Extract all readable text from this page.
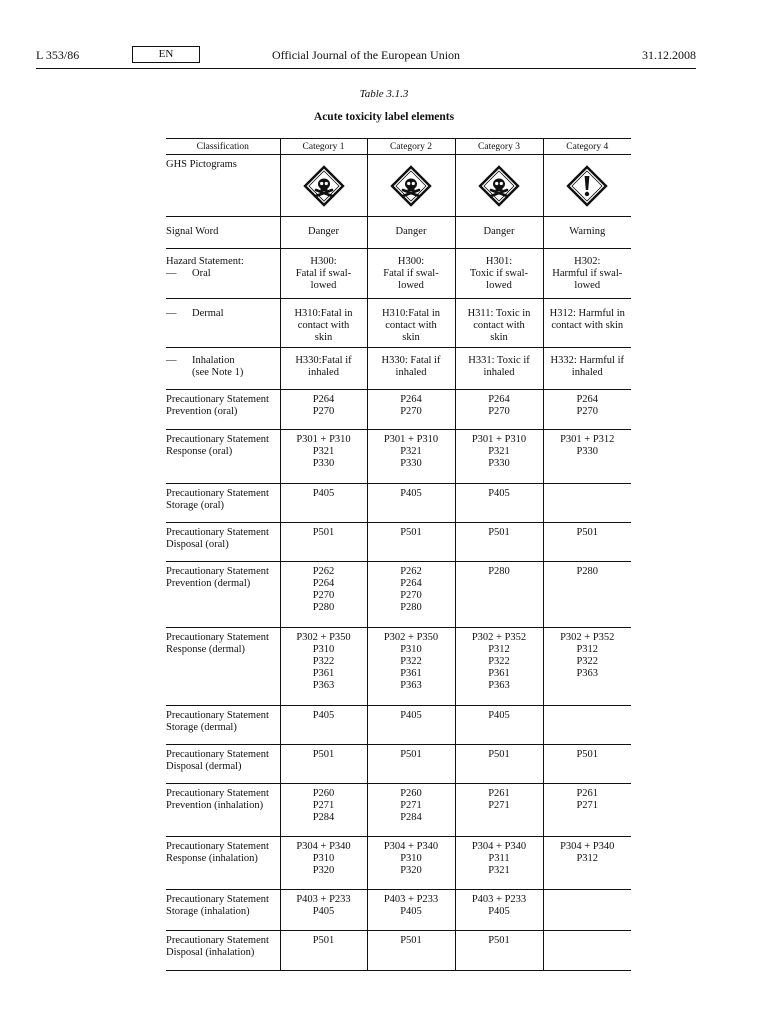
L 353/86	EN	Official Journal of the European Union	31.12.2008
Table 3.1.3
Acute toxicity label elements
Classification	Category 1	Category 2	Category 3	Category 4
GHS Pictograms	

Signal Word	Danger	Danger	Danger	Warning

Hazard Statement:
— Oral	H300:
Fatal if swal-
lowed	H300:
Fatal if swal-
lowed	H301:
Toxic if swal-
lowed	H302:
Harmful if swal-
lowed

— Dermal	H310:Fatal in
contact with
skin	H310:Fatal in
contact with
skin	H311: Toxic in
contact with
skin	H312: Harmful in
contact with skin

— Inhalation
(see Note 1)	H330:Fatal if
inhaled	H330: Fatal if
inhaled	H331: Toxic if
inhaled	H332: Harmful if
inhaled

Precautionary Statement
Prevention (oral)	P264
P270	P264
P270	P264
P270	P264
P270

Precautionary Statement
Response (oral)	P301 + P310
P321
P330	P301 + P310
P321
P330	P301 + P310
P321
P330	P301 + P312
P330

Precautionary Statement
Storage (oral)	P405	P405	P405	

Precautionary Statement
Disposal (oral)	P501	P501	P501	P501

Precautionary Statement
Prevention (dermal)	P262
P264
P270
P280	P262
P264
P270
P280	P280	P280

Precautionary Statement
Response (dermal)	P302 + P350
P310
P322
P361
P363	P302 + P350
P310
P322
P361
P363	P302 + P352
P312
P322
P361
P363	P302 + P352
P312
P322
P363

Precautionary Statement
Storage (dermal)	P405	P405	P405	

Precautionary Statement
Disposal (dermal)	P501	P501	P501	P501

Precautionary Statement
Prevention (inhalation)	P260
P271
P284	P260
P271
P284	P261
P271	P261
P271

Precautionary Statement
Response (inhalation)	P304 + P340
P310
P320	P304 + P340
P310
P320	P304 + P340
P311
P321	P304 + P340
P312

Precautionary Statement
Storage (inhalation)	P403 + P233
P405	P403 + P233
P405	P403 + P233
P405	

Precautionary Statement
Disposal (inhalation)	P501	P501	P501	
